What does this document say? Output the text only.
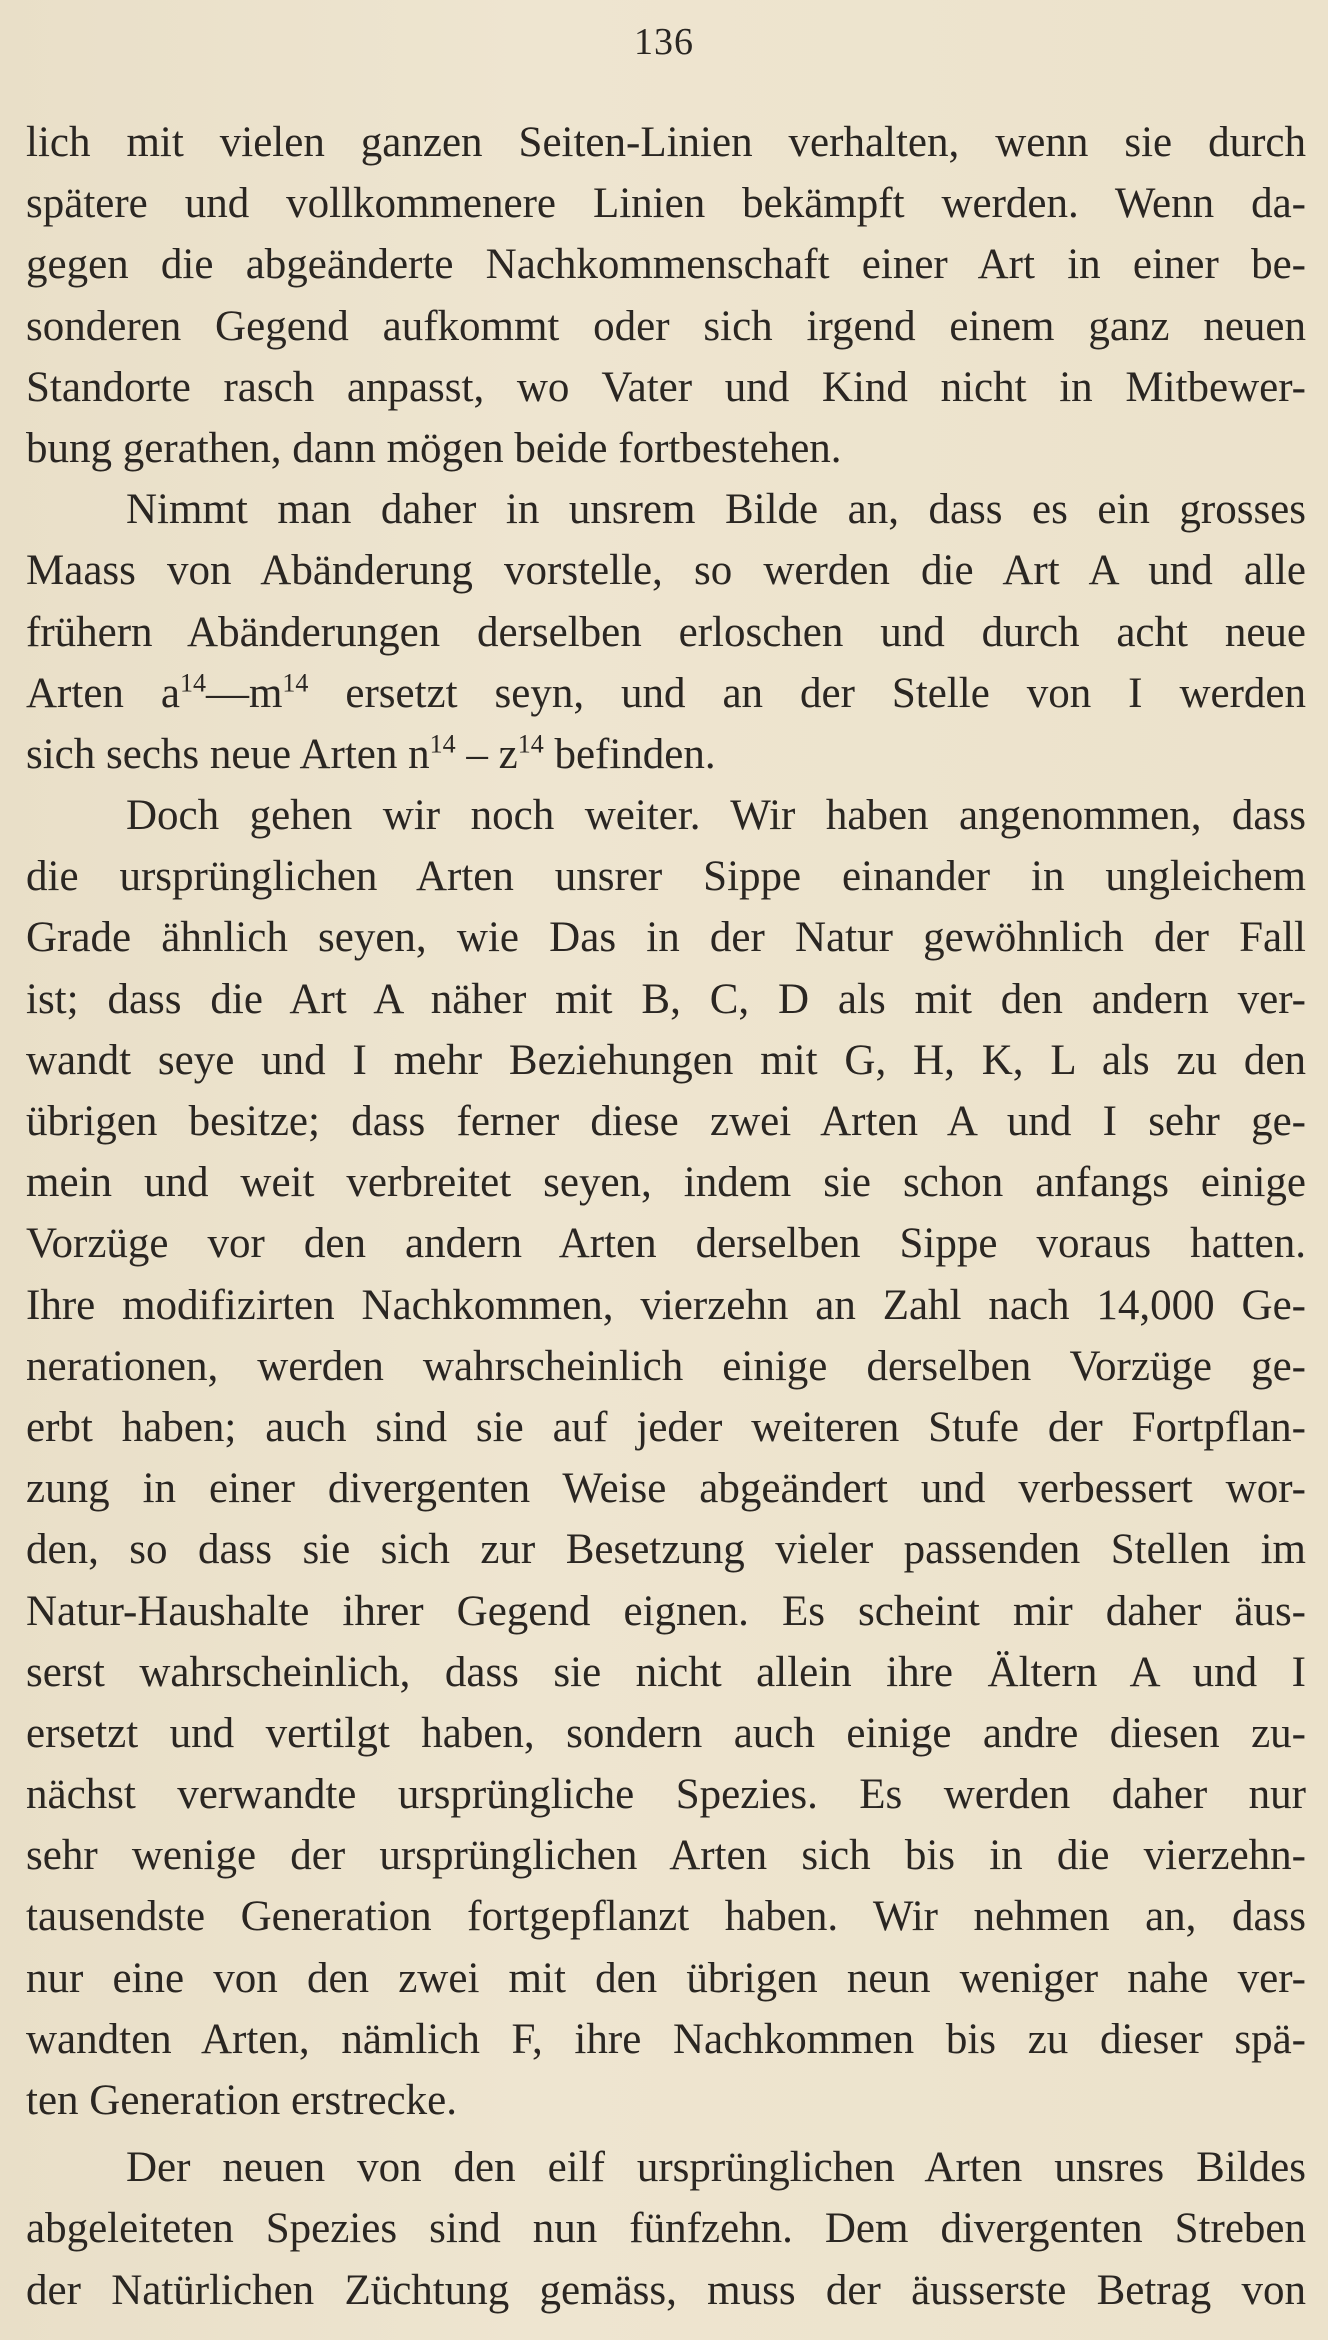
136
lich mit vielen ganzen Seiten-Linien verhalten, wenn sie durch
spätere und vollkommenere Linien bekämpft werden. Wenn da-
gegen die abgeänderte Nachkommenschaft einer Art in einer be-
sonderen Gegend aufkommt oder sich irgend einem ganz neuen
Standorte rasch anpasst, wo Vater und Kind nicht in Mitbewer-
bung gerathen, dann mögen beide fortbestehen.
Nimmt man daher in unsrem Bilde an, dass es ein grosses
Maass von Abänderung vorstelle, so werden die Art A und alle
frühern Abänderungen derselben erloschen und durch acht neue
Arten $a^{14}—m^{14}$ ersetzt seyn, und an der Stelle von I werden
sich sechs neue Arten $n^{14} - z^{14}$ befinden.
Doch gehen wir noch weiter. Wir haben angenommen, dass
die ursprünglichen Arten unsrer Sippe einander in ungleichem
Grade ähnlich seyen, wie Das in der Natur gewöhnlich der Fall
ist; dass die Art A näher mit B, C, D als mit den andern ver-
wandt seye und I mehr Beziehungen mit G, H, K, L als zu den
übrigen besitze; dass ferner diese zwei Arten A und I sehr ge-
mein und weit verbreitet seyen, indem sie schon anfangs einige
Vorzüge vor den andern Arten derselben Sippe voraus hatten.
Ihre modifizirten Nachkommen, vierzehn an Zahl nach 14,000 Ge-
nerationen, werden wahrscheinlich einige derselben Vorzüge ge-
erbt haben; auch sind sie auf jeder weiteren Stufe der Fortpflan-
zung in einer divergenten Weise abgeändert und verbessert wor-
den, so dass sie sich zur Besetzung vieler passenden Stellen im
Natur-Haushalte ihrer Gegend eignen. Es scheint mir daher äus-
serst wahrscheinlich, dass sie nicht allein ihre Ältern A und I
ersetzt und vertilgt haben, sondern auch einige andre diesen zu-
nächst verwandte ursprüngliche Spezies. Es werden daher nur
sehr wenige der ursprünglichen Arten sich bis in die vierzehn-
tausendste Generation fortgepflanzt haben. Wir nehmen an, dass
nur eine von den zwei mit den übrigen neun weniger nahe ver-
wandten Arten, nämlich F, ihre Nachkommen bis zu dieser spä-
ten Generation erstrecke.
Der neuen von den eilf ursprünglichen Arten unsres Bildes
abgeleiteten Spezies sind nun fünfzehn. Dem divergenten Streben
der Natürlichen Züchtung gemäss, muss der äusserste Betrag von
